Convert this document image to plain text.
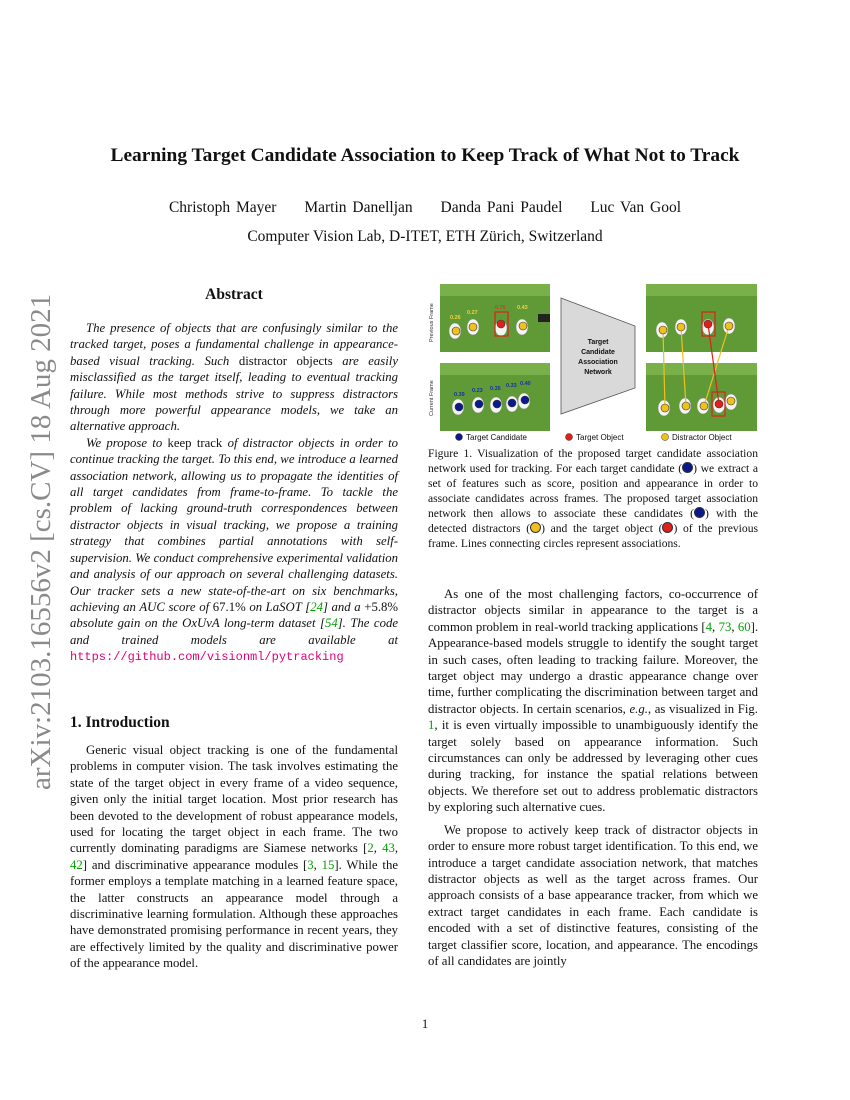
arXiv:2103.16556v2 [cs.CV] 18 Aug 2021
Learning Target Candidate Association to Keep Track of What Not to Track
Christoph Mayer Martin Danelljan Danda Pani Paudel Luc Van Gool
Computer Vision Lab, D-ITET, ETH Zürich, Switzerland
Abstract

The presence of objects that are confusingly similar to the tracked target, poses a fundamental challenge in appearance-based visual tracking. Such distractor objects are easily misclassified as the target itself, leading to eventual tracking failure. While most methods strive to suppress distractors through more powerful appearance models, we take an alternative approach.

We propose to keep track of distractor objects in order to continue tracking the target. To this end, we introduce a learned association network, allowing us to propagate the identities of all target candidates from frame-to-frame. To tackle the problem of lacking ground-truth correspondences between distractor objects in visual tracking, we propose a training strategy that combines partial annotations with self-supervision. We conduct comprehensive experimental validation and analysis of our approach on several challenging datasets. Our tracker sets a new state-of-the-art on six benchmarks, achieving an AUC score of 67.1% on LaSOT [24] and a +5.8% absolute gain on the OxUvA long-term dataset [54]. The code and trained models are available at https://github.com/visionml/pytracking

1. Introduction

Generic visual object tracking is one of the fundamental problems in computer vision. The task involves estimating the state of the target object in every frame of a video sequence, given only the initial target location. Most prior research has been devoted to the development of robust appearance models, used for locating the target object in each frame. The two currently dominating paradigms are Siamese networks [2, 43, 42] and discriminative appearance modules [3, 15]. While the former employs a template matching in a learned feature space, the latter constructs an appearance model through a discriminative learning formulation. Although these approaches have demonstrated promising performance in recent years, they are effectively limited by the quality and discriminative power of the appearance model.

Previous Frame
Current Frame
0.26
0.27
0.75 0.43
0.39
0.23 0.35 0.33 0.40
Target
Candidate
Association
Network
Target Candidate	Target Object	Distractor Object
Figure 1. Visualization of the proposed target candidate association network used for tracking. For each target candidate ( ) we extract a set of features such as score, position and appearance in order to associate candidates across frames. The proposed target association network then allows to associate these candidates ( ) with the detected distractors ( ) and the target object ( ) of the previous frame. Lines connecting circles represent associations.

As one of the most challenging factors, co-occurrence of distractor objects similar in appearance to the target is a common problem in real-world tracking applications [4, 73, 60]. Appearance-based models struggle to identify the sought target in such cases, often leading to tracking failure. Moreover, the target object may undergo a drastic appearance change over time, further complicating the discrimination between target and distractor objects. In certain scenarios, e.g., as visualized in Fig. 1, it is even virtually impossible to unambiguously identify the target solely based on appearance information. Such circumstances can only be addressed by leveraging other cues during tracking, for instance the spatial relations between objects. We therefore set out to address problematic distractors by exploring such alternative cues.

We propose to actively keep track of distractor objects in order to ensure more robust target identification. To this end, we introduce a target candidate association network, that matches distractor objects as well as the target across frames. Our approach consists of a base appearance tracker, from which we extract target candidates in each frame. Each candidate is encoded with a set of distinctive features, consisting of the target classifier score, location, and appearance. The encodings of all candidates are jointly

1
